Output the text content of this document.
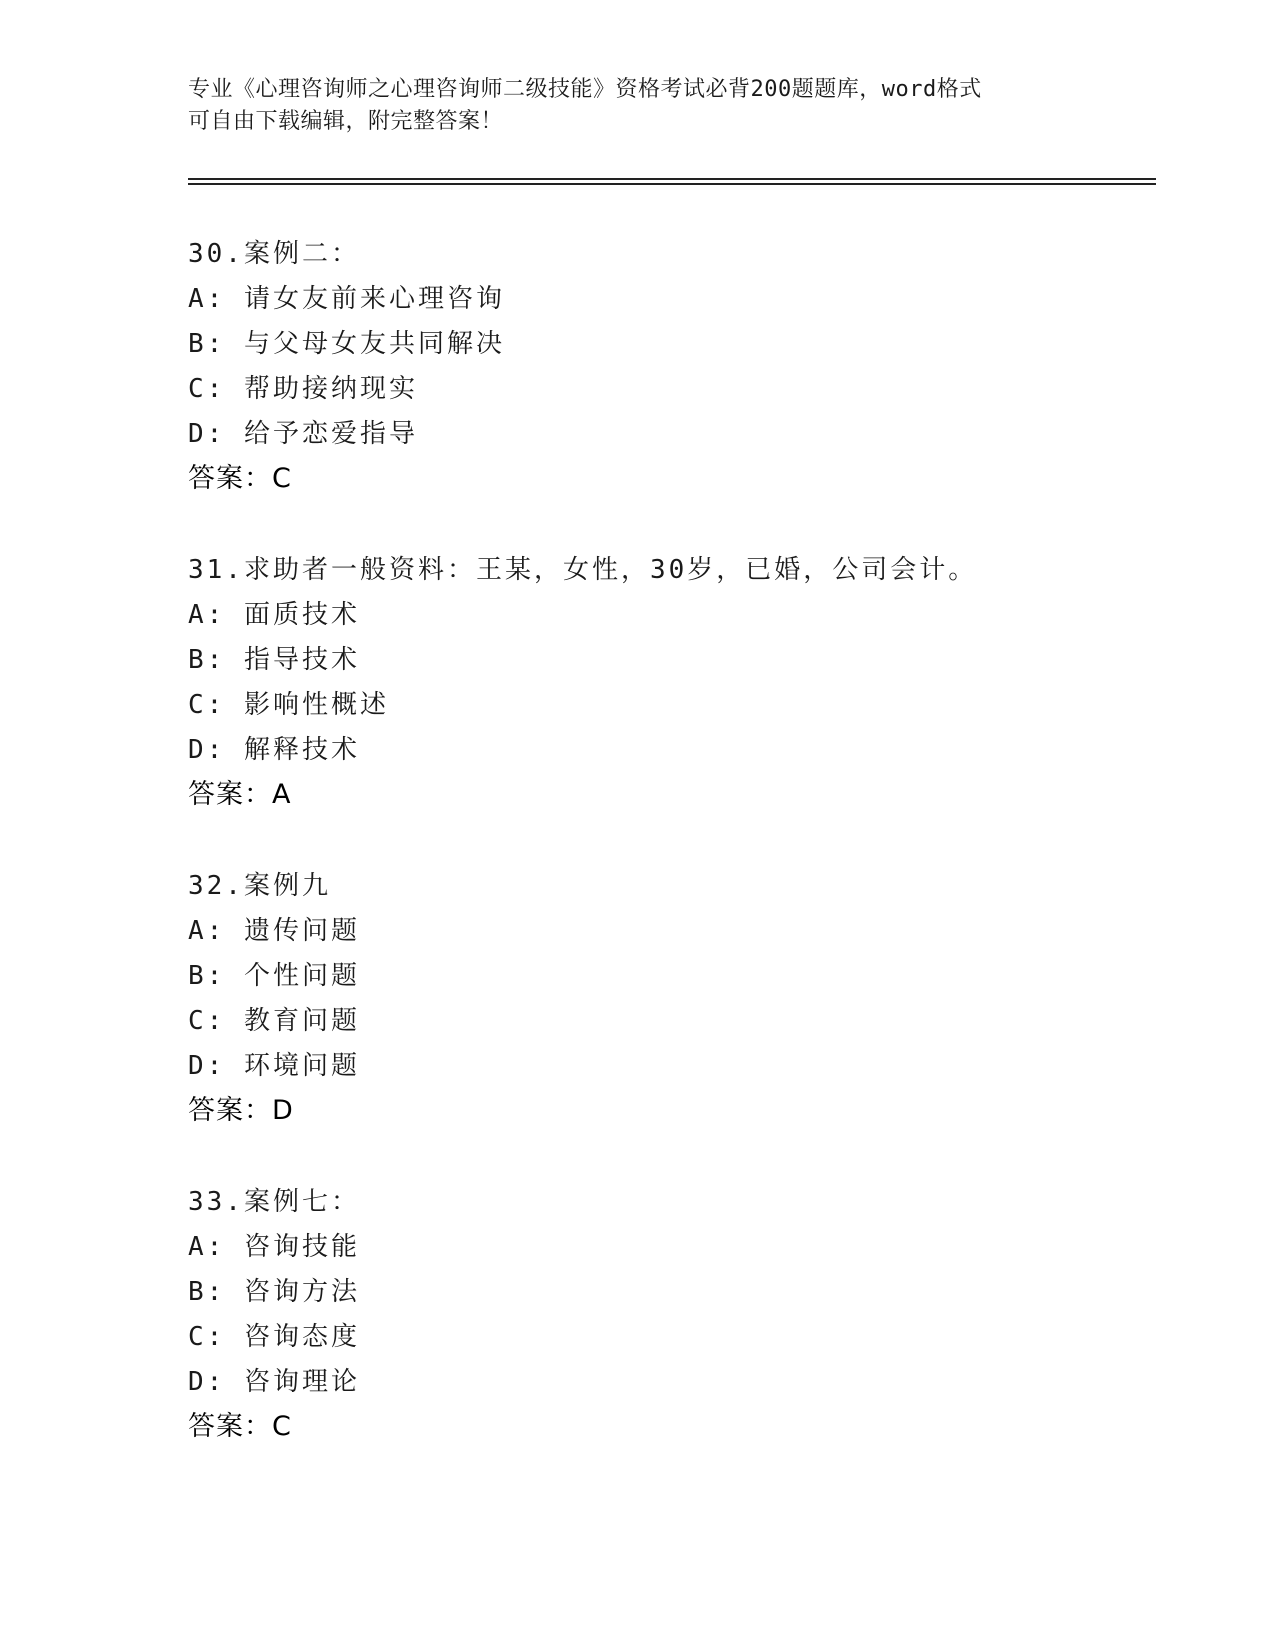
专业《心理咨询师之心理咨询师二级技能》资格考试必背200题题库，word格式
可自由下载编辑，附完整答案！
30.案例二：
A: 请女友前来心理咨询
B: 与父母女友共同解决
C: 帮助接纳现实
D: 给予恋爱指导
答案：C
31.求助者一般资料：王某，女性，30岁，已婚，公司会计。
A: 面质技术
B: 指导技术
C: 影响性概述
D: 解释技术
答案：A
32.案例九
A: 遗传问题
B: 个性问题
C: 教育问题
D: 环境问题
答案：D
33.案例七：
A: 咨询技能
B: 咨询方法
C: 咨询态度
D: 咨询理论
答案：C
